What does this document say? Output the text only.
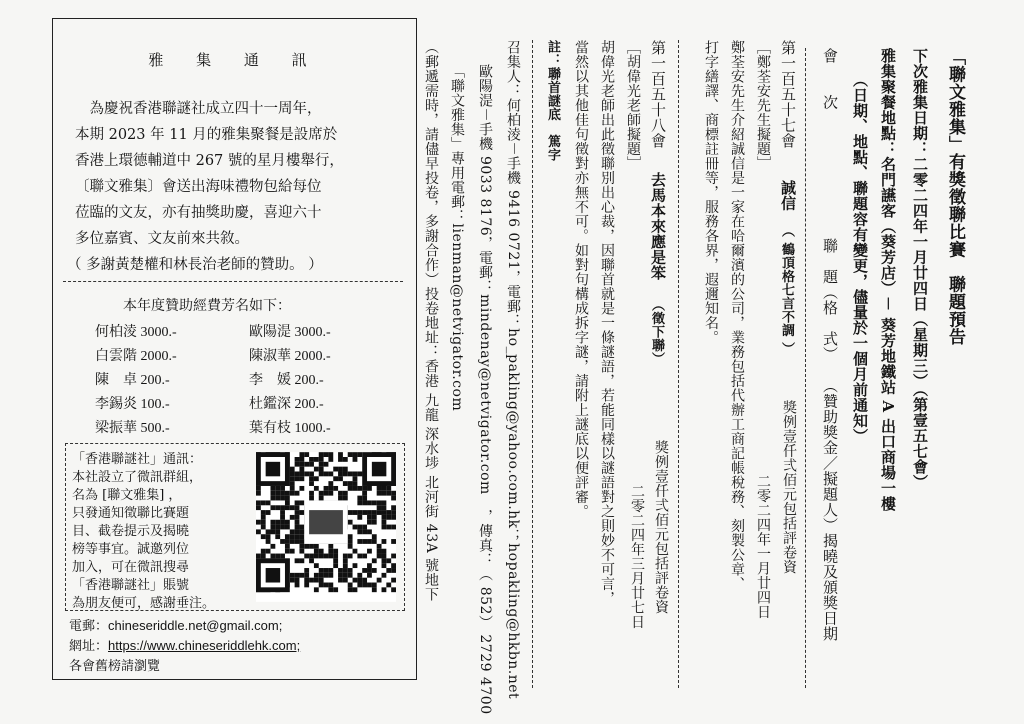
雅 集 通 訊
　為慶祝香港聯謎社成立四十一周年，
本期 2023 年 11 月的雅集聚餐是設席於
香港上環德輔道中 267 號的星月樓舉行，
〔聯文雅集〕會送出海味禮物包給每位
莅臨的文友，亦有抽獎助慶，喜迎六十
多位嘉賓、文友前來共敘。
（ 多謝黃楚權和林長治老師的贊助。 ）
本年度贊助經費芳名如下：
何柏淩 3000.-
白雲階 2000.-
陳　卓 200.-
李錫炎 100.-
梁振華 500.-
歐陽湜 3000.-
陳淑華 2000.-
李　媛 200.-
杜鑑深 200.-
葉有枝 1000.-
「香港聯謎社」通訊：
本社設立了微訊群組，
名為 [聯文雅集] ，
只發通知徵聯比賽題
目、截卷提示及揭曉
榜等事宜。誠邀列位
加入，可在微訊搜尋
「香港聯謎社」賬號
為朋友便可，感謝垂注。
電郵：chineseriddle.net@gmail.com;
網址：https://www.chineseriddlehk.com;
各會舊榜請瀏覽
「聯文雅集」有獎徵聯比賽　聯題預告
下次雅集日期：二零二四年一月廿四日（星期三）（第壹五七會）
雅集聚餐地點：名門讌客（葵芳店）－ 葵芳地鐵站 A 出口商場一樓
（日期、地點、聯題容有變更，儘量於一個月前通知）
會　　次
聯　題（格　式）
（贊助獎金／擬題人）揭曉及頒獎日期
第一百五十七會
誠信
（ 鶴頂格七言不調 ）
獎例壹仟弍佰元包括評卷資
二零二四年一月廿四日
［鄭荃安先生擬題］
鄭荃安先生介紹誠信是一家在哈爾濱的公司，業務包括代辦工商記帳稅務、刻製公章、
打字繕譯、商標註冊等，服務各界，遐邇知名。
第一百五十八會
去馬本來應是笨
（徵下聯）
獎例壹仟弍佰元包括評卷資
二零二四年三月廿七日
［胡偉光老師擬題］
胡偉光老師出此徵聯別出心裁，因聯首就是一條謎語，若能同樣以謎語對之則妙不可言，
當然以其他佳句徵對亦無不可。如對句構成拆字謎，請附上謎底以便評審。
註：聯首謎底　篤字
召集人：何柏淩－手機 9416 0721，電郵：ho_pakling@yahoo.com.hk；hopakling@hkbn.net
歐陽湜－手機 9033 8176，電郵：mindenay@netvigator.com　，傳真：（ 852） 2729 4700
「聯文雅集」專用電郵：lienman@netvigator.com
（郵遞需時，請儘早投卷，多謝合作）投卷地址：香港 九龍 深水埗 北河街 43A 號地下
